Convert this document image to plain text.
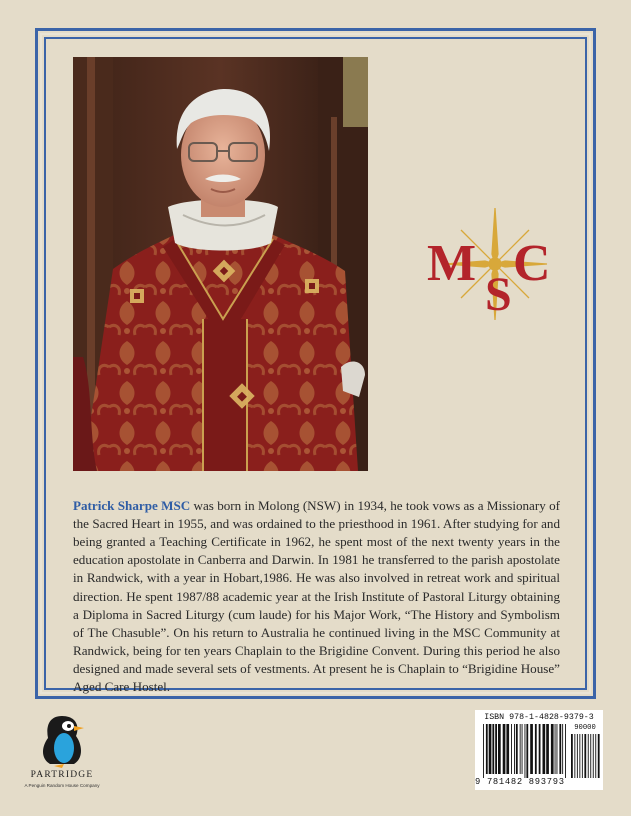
M
S
C

Patrick Sharpe MSC was born in Molong (NSW) in 1934, he took vows as a Missionary of the Sacred Heart in 1955, and was ordained to the priesthood in 1961. After studying for and being granted a Teaching Certificate in 1962, he spent most of the next twenty years in the education apostolate in Canberra and Darwin. In 1981 he transferred to the parish apostolate in Randwick, with a year in Hobart,1986. He was also involved in retreat work and spiritual direction. He spent 1987/88 academic year at the Irish Institute of Pastoral Liturgy obtaining a Diploma in Sacred Liturgy (cum laude) for his Major Work, “The History and Symbolism of The Chasuble”. On his return to Australia he continued living in the MSC Community at Randwick, being for ten years Chaplain to the Brigidine Convent. During this period he also designed and made several sets of vestments. At present he is Chaplain to “Brigidine House” Aged Care Hostel.

PARTRIDGE
A Penguin Random House Company
ISBN 978-1-4828-9379-3
90000
9 781482 893793
